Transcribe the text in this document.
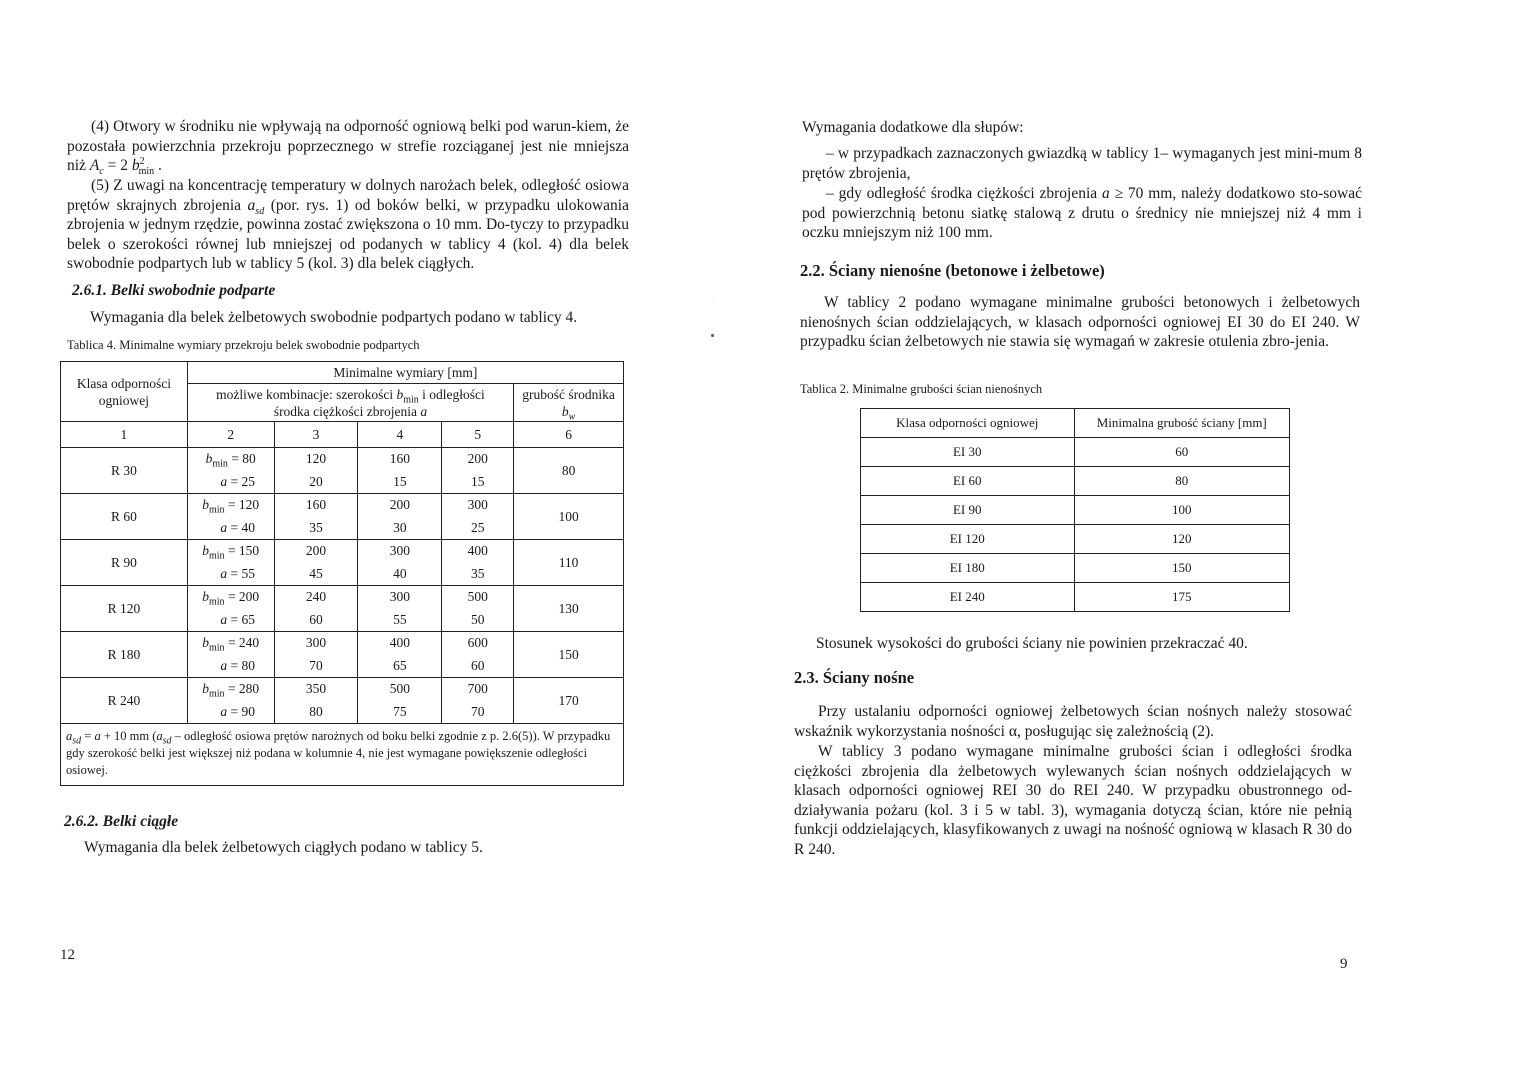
(4) Otwory w środniku nie wpływają na odporność ogniową belki pod warun-kiem, że pozostała powierzchnia przekroju poprzecznego w strefie rozciąganej jest nie mniejsza niż $A_c = 2$ $b^2_{min}$ .
(5) Z uwagi na koncentrację temperatury w dolnych narożach belek, odległość osiowa prętów skrajnych zbrojenia $a_{sd}$ (por. rys. 1) od boków belki, w przypadku ulokowania zbrojenia w jednym rzędzie, powinna zostać zwiększona o 10 mm. Do-tyczy to przypadku belek o szerokości równej lub mniejszej od podanych w tablicy 4 (kol. 4) dla belek swobodnie podpartych lub w tablicy 5 (kol. 3) dla belek ciągłych.
2.6.1. Belki swobodnie podparte
Wymagania dla belek żelbetowych swobodnie podpartych podano w tablicy 4.
Tablica 4. Minimalne wymiary przekroju belek swobodnie podpartych
Klasa odporności ogniowej	Minimalne wymiary [mm]				
	możliwe kombinacje: szerokości $b_{min}$ i odległości środka ciężkości zbrojenia a				grubość środnika $b_w$
1	2	3	4	5	6
R 30	$b_{min} = 80$	120	160	200	80
	a = 25	20	15	15	
R 60	$b_{min} = 120$	160	200	300	100
	a = 40	35	30	25	
R 90	$b_{min} = 150$	200	300	400	110
	a = 55	45	40	35	
R 120	$b_{min} = 200$	240	300	500	130
	a = 65	60	55	50	
R 180	$b_{min} = 240$	300	400	600	150
	a = 80	70	65	60	
R 240	$b_{min} = 280$	350	500	700	170
	a = 90	80	75	70	
$a_{sd} = a + 10$ mm ($a_{sd}$ – odległość osiowa prętów narożnych od boku belki zgodnie z p. 2.6(5)). W przypadku gdy szerokość belki jest większej niż podana w kolumnie 4, nie jest wymagane powiększenie odległości osiowej.					
2.6.2. Belki ciągłe
Wymagania dla belek żelbetowych ciągłych podano w tablicy 5.
12
Wymagania dodatkowe dla słupów:
– w przypadkach zaznaczonych gwiazdką w tablicy 1– wymaganych jest mini-mum 8 prętów zbrojenia,
– gdy odległość środka ciężkości zbrojenia a ≥ 70 mm, należy dodatkowo sto-sować pod powierzchnią betonu siatkę stalową z drutu o średnicy nie mniejszej niż 4 mm i oczku mniejszym niż 100 mm.
2.2. Ściany nienośne (betonowe i żelbetowe)
W tablicy 2 podano wymagane minimalne grubości betonowych i żelbetowych nienośnych ścian oddzielających, w klasach odporności ogniowej EI 30 do EI 240. W przypadku ścian żelbetowych nie stawia się wymagań w zakresie otulenia zbro-jenia.
Tablica 2. Minimalne grubości ścian nienośnych
Klasa odporności ogniowej	Minimalna grubość ściany [mm]
EI 30	60
EI 60	80
EI 90	100
EI 120	120
EI 180	150
EI 240	175
Stosunek wysokości do grubości ściany nie powinien przekraczać 40.
2.3. Ściany nośne
Przy ustalaniu odporności ogniowej żelbetowych ścian nośnych należy stosować wskaźnik wykorzystania nośności α, posługując się zależnością (2).
W tablicy 3 podano wymagane minimalne grubości ścian i odległości środka ciężkości zbrojenia dla żelbetowych wylewanych ścian nośnych oddzielających w klasach odporności ogniowej REI 30 do REI 240. W przypadku obustronnego od-działywania pożaru (kol. 3 i 5 w tabl. 3), wymagania dotyczą ścian, które nie pełnią funkcji oddzielających, klasyfikowanych z uwagi na nośność ogniową w klasach R 30 do R 240.
9
